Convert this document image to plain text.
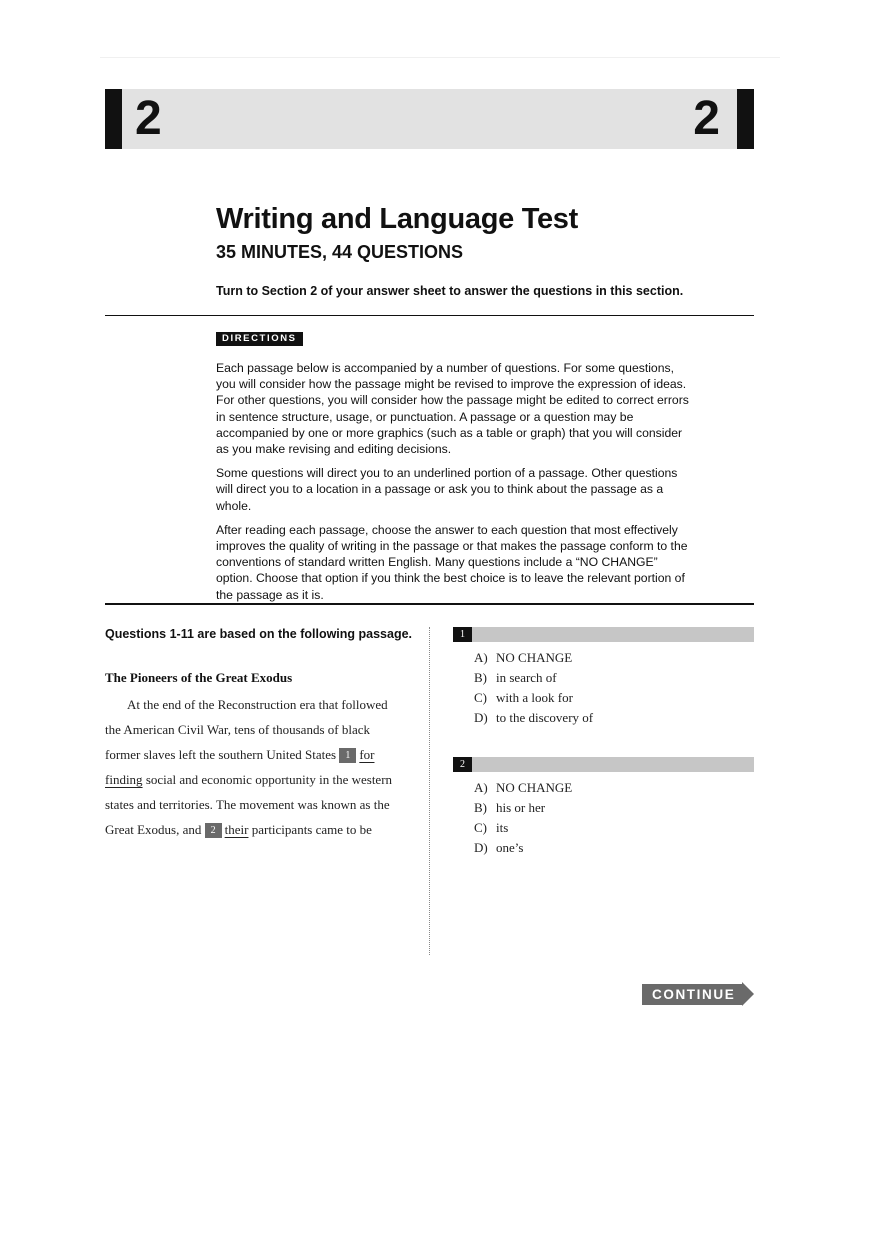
2	2
Writing and Language Test
35 MINUTES, 44 QUESTIONS
Turn to Section 2 of your answer sheet to answer the questions in this section.
DIRECTIONS

Each passage below is accompanied by a number of questions. For some questions, you will consider how the passage might be revised to improve the expression of ideas. For other questions, you will consider how the passage might be edited to correct errors in sentence structure, usage, or punctuation. A passage or a question may be accompanied by one or more graphics (such as a table or graph) that you will consider as you make revising and editing decisions.

Some questions will direct you to an underlined portion of a passage. Other questions will direct you to a location in a passage or ask you to think about the passage as a whole.

After reading each passage, choose the answer to each question that most effectively improves the quality of writing in the passage or that makes the passage conform to the conventions of standard written English. Many questions include a “NO CHANGE” option. Choose that option if you think the best choice is to leave the relevant portion of the passage as it is.

Questions 1-11 are based on the following passage.
The Pioneers of the Great Exodus

At the end of the Reconstruction era that followed the American Civil War, tens of thousands of black former slaves left the southern United States 1 for finding social and economic opportunity in the western states and territories. The movement was known as the Great Exodus, and 2 their participants came to be

1
A) NO CHANGE
B) in search of
C) with a look for
D) to the discovery of
2
A) NO CHANGE
B) his or her
C) its
D) one’s
CONTINUE
